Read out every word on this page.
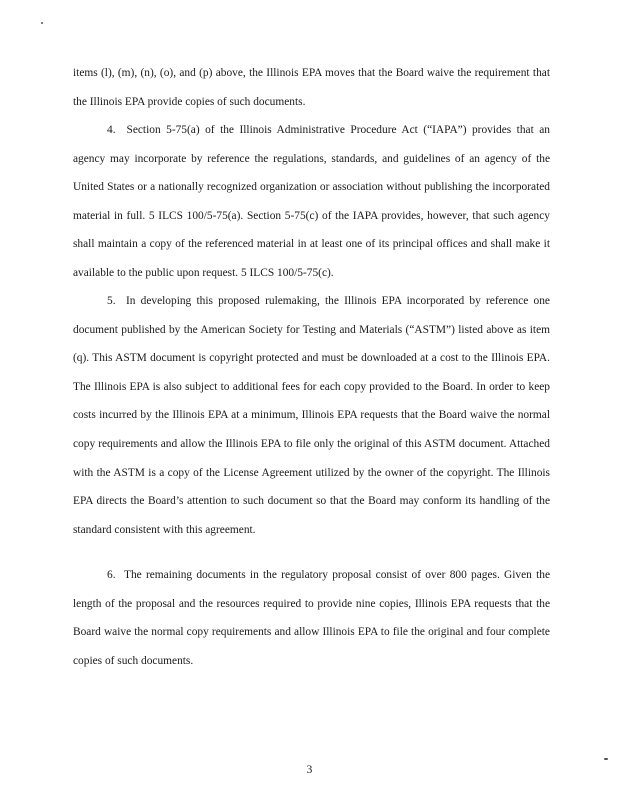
items (l), (m), (n), (o), and (p) above, the Illinois EPA moves that the Board waive the requirement that the Illinois EPA provide copies of such documents.

4. Section 5-75(a) of the Illinois Administrative Procedure Act (“IAPA”) provides that an agency may incorporate by reference the regulations, standards, and guidelines of an agency of the United States or a nationally recognized organization or association without publishing the incorporated material in full. 5 ILCS 100/5-75(a). Section 5-75(c) of the IAPA provides, however, that such agency shall maintain a copy of the referenced material in at least one of its principal offices and shall make it available to the public upon request. 5 ILCS 100/5-75(c).

5. In developing this proposed rulemaking, the Illinois EPA incorporated by reference one document published by the American Society for Testing and Materials (“ASTM”) listed above as item (q). This ASTM document is copyright protected and must be downloaded at a cost to the Illinois EPA. The Illinois EPA is also subject to additional fees for each copy provided to the Board. In order to keep costs incurred by the Illinois EPA at a minimum, Illinois EPA requests that the Board waive the normal copy requirements and allow the Illinois EPA to file only the original of this ASTM document. Attached with the ASTM is a copy of the License Agreement utilized by the owner of the copyright. The Illinois EPA directs the Board’s attention to such document so that the Board may conform its handling of the standard consistent with this agreement.

6. The remaining documents in the regulatory proposal consist of over 800 pages. Given the length of the proposal and the resources required to provide nine copies, Illinois EPA requests that the Board waive the normal copy requirements and allow Illinois EPA to file the original and four complete copies of such documents.

3
